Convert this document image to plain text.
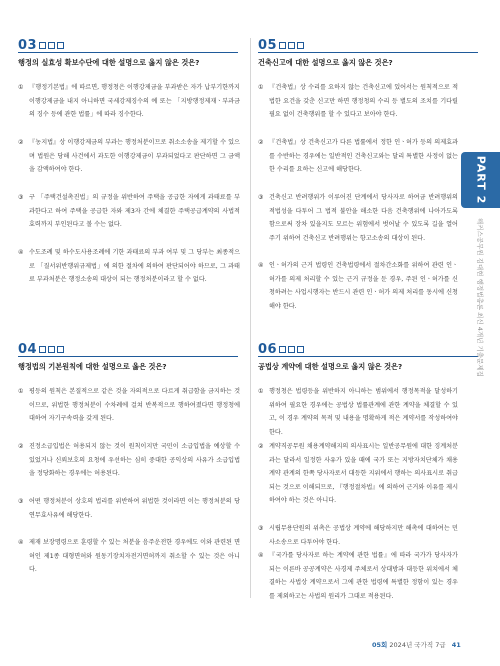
03
행정의 실효성 확보수단에 대한 설명으로 옳지 않은 것은?
① 『행정기본법』에 따르면, 행정청은 이행강제금을 부과받은 자가 납부기한까지 이행강제금을 내지 아니하면 국세강제징수의 예 또는 「지방행정제재ㆍ부과금의 징수 등에 관한 법률」에 따라 징수한다.
② 『농지법』상 이행강제금의 부과는 행정처분이므로 취소소송을 제기할 수 있으며 법원은 당해 사건에서 과도한 이행강제금이 부과되었다고 판단하면 그 금액을 감액하여야 한다.
③ 구 「주택건설촉진법」의 규정을 위반하여 주택을 공급한 자에게 과태료를 부과한다고 하여 주택을 공급한 자와 제3자 간에 체결한 주택공급계약의 사법적 효력까지 부인된다고 볼 수는 없다.
④ 수도조례 및 하수도사용조례에 기한 과태료의 부과 여부 및 그 당부는 최종적으로 「질서위반행위규제법」에 의한 절차에 의하여 판단되어야 하므로, 그 과태료 부과처분은 행정소송의 대상이 되는 행정처분이라고 할 수 없다.
05
건축신고에 대한 설명으로 옳지 않은 것은?
① 『건축법』상 수리를 요하지 않는 건축신고에 있어서는 원칙적으로 적법한 요건을 갖춘 신고만 하면 행정청의 수리 등 별도의 조치를 기다릴 필요 없이 건축행위를 할 수 있다고 보아야 한다.
② 『건축법』상 건축신고가 다른 법률에서 정한 인ㆍ허가 등의 의제효과를 수반하는 경우에는 일반적인 건축신고와는 달리 특별한 사정이 없는 한 수리를 요하는 신고에 해당한다.
③ 건축신고 반려행위가 이루어진 단계에서 당사자로 하여금 반려행위의 적법성을 다투어 그 법적 불안을 해소한 다음 건축행위에 나아가도록 함으로써 장차 있을지도 모르는 위험에서 벗어날 수 있도록 길을 열어주기 위하여 건축신고 반려행위는 항고소송의 대상이 된다.
④ 인ㆍ허가의 근거 법령인 건축법령에서 절차간소화를 위하여 관련 인ㆍ허가를 의제 처리할 수 있는 근거 규정을 둔 경우, 주된 인ㆍ허가를 신청하려는 사업시행자는 반드시 관련 인ㆍ허가 의제 처리를 동시에 신청해야 한다.
04
행정법의 기본원칙에 대한 설명으로 옳은 것은?
① 평등의 원칙은 본질적으로 같은 것을 자의적으로 다르게 취급함을 금지하는 것이므로, 위법한 행정처분이 수차례에 걸쳐 반복적으로 행하여졌다면 행정청에 대하여 자기구속력을 갖게 된다.
② 진정소급입법은 허용되지 않는 것이 원칙이지만 국민이 소급입법을 예상할 수 있었거나 신뢰보호의 요청에 우선하는 심히 중대한 공익상의 사유가 소급입법을 정당화하는 경우에는 허용된다.
③ 어떤 행정처분이 상호의 법리를 위반하여 위법한 것이라면 이는 행정처분의 당연무효사유에 해당한다.
④ 제재 보장명령으로 훈령할 수 있는 처분을 음주운전한 경우에도 이와 관련된 면허인 제1종 대형면허와 원동기장치자전거면허까지 취소할 수 있는 것은 아니다.
06
공법상 계약에 대한 설명으로 옳지 않은 것은?
① 행정청은 법령등을 위반하지 아니하는 범위에서 행정목적을 달성하기 위하여 필요한 경우에는 공법상 법률관계에 관한 계약을 체결할 수 있고, 이 경우 계약의 목적 및 내용을 명확하게 적은 계약서를 작성하여야 한다.
② 계약직공무원 채용계약해지의 의사표시는 일반공무원에 대한 징계처분과는 달라서 일정한 사유가 있을 때에 국가 또는 지방자치단체가 채용계약 관계의 한쪽 당사자로서 대등한 지위에서 행하는 의사표시로 취급되는 것으로 이해되므로, 『행정절차법』에 의하여 근거와 이유를 제시하여야 하는 것은 아니다.
③ 시립무용단원의 위촉은 공법상 계약에 해당하지만 해촉에 대하여는 민사소송으로 다투어야 한다.
④ 『국가를 당사자로 하는 계약에 관한 법률』에 따라 국가가 당사자가 되는 이른바 공공계약은 사경제 주체로서 상대방과 대등한 위치에서 체결하는 사법상 계약으로서 그에 관한 법령에 특별한 정함이 있는 경우를 제외하고는 사법의 원리가 그대로 적용된다.
PART 2
해커스공무원 김대현 행정법총론 최신 4개년 기출문제집
05회 2024년 국가직 7급 41
